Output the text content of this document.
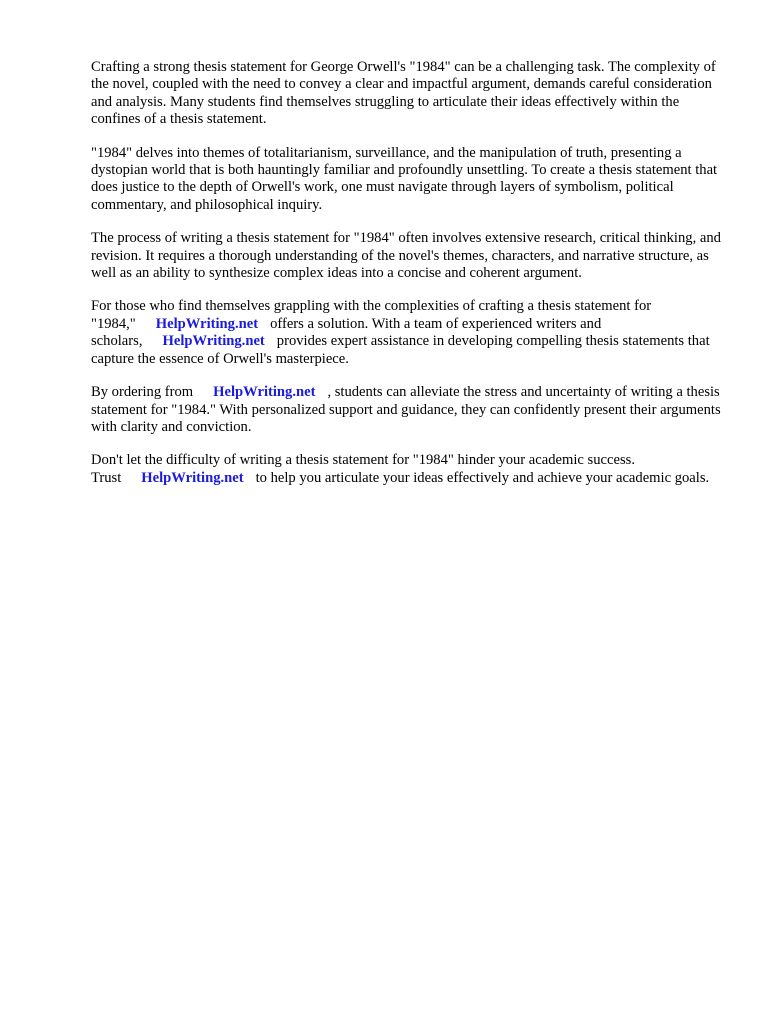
Crafting a strong thesis statement for George Orwell's "1984" can be a challenging task. The complexity of the novel, coupled with the need to convey a clear and impactful argument, demands careful consideration and analysis. Many students find themselves struggling to articulate their ideas effectively within the confines of a thesis statement.

"1984" delves into themes of totalitarianism, surveillance, and the manipulation of truth, presenting a dystopian world that is both hauntingly familiar and profoundly unsettling. To create a thesis statement that does justice to the depth of Orwell's work, one must navigate through layers of symbolism, political commentary, and philosophical inquiry.

The process of writing a thesis statement for "1984" often involves extensive research, critical thinking, and revision. It requires a thorough understanding of the novel's themes, characters, and narrative structure, as well as an ability to synthesize complex ideas into a concise and coherent argument.

For those who find themselves grappling with the complexities of crafting a thesis statement for "1984," HelpWriting.net offers a solution. With a team of experienced writers and scholars, HelpWriting.net provides expert assistance in developing compelling thesis statements that capture the essence of Orwell's masterpiece.

By ordering from HelpWriting.net , students can alleviate the stress and uncertainty of writing a thesis statement for "1984." With personalized support and guidance, they can confidently present their arguments with clarity and conviction.

Don't let the difficulty of writing a thesis statement for "1984" hinder your academic success. Trust HelpWriting.net to help you articulate your ideas effectively and achieve your academic goals.
